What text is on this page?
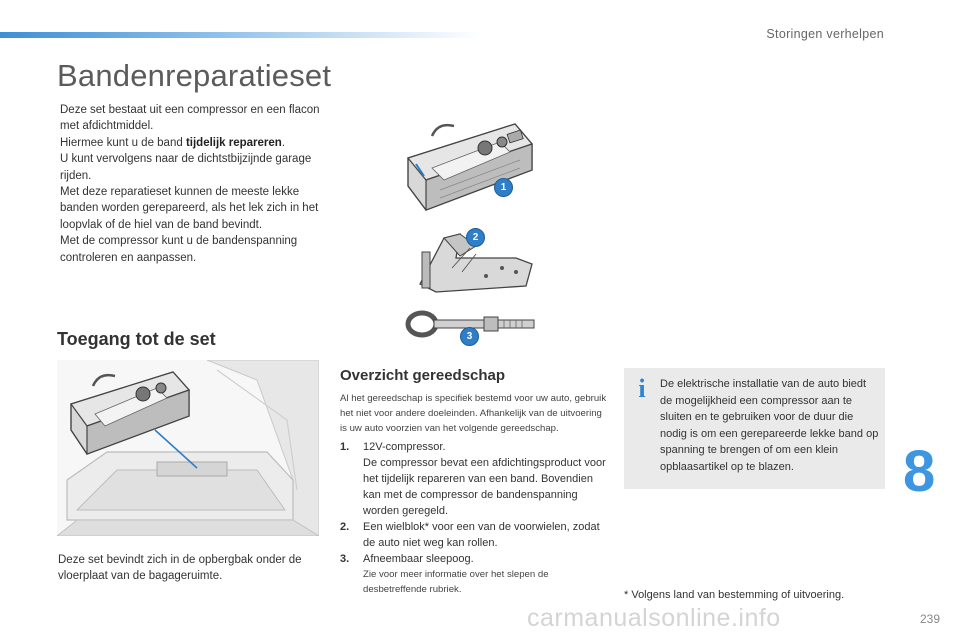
Storingen verhelpen
Bandenreparatieset

Deze set bestaat uit een compressor en een flacon met afdichtmiddel.

Hiermee kunt u de band tijdelijk repareren.

U kunt vervolgens naar de dichtstbijzijnde garage rijden.

Met deze reparatieset kunnen de meeste lekke banden worden gerepareerd, als het lek zich in het loopvlak of de hiel van de band bevindt.

Met de compressor kunt u de bandenspanning controleren en aanpassen.

1
2
3
Toegang tot de set
Deze set bevindt zich in de opbergbak onder de vloerplaat van de bagageruimte.
Overzicht gereedschap
Al het gereedschap is specifiek bestemd voor uw auto, gebruik het niet voor andere doeleinden. Afhankelijk van de uitvoering is uw auto voorzien van het volgende gereedschap.
1. 12V-compressor.
De compressor bevat een afdichtingsproduct voor het tijdelijk repareren van een band. Bovendien kan met de compressor de bandenspanning worden geregeld.
2. Een wielblok* voor een van de voorwielen, zodat de auto niet weg kan rollen.
3. Afneembaar sleepoog.
Zie voor meer informatie over het slepen de desbetreffende rubriek.
i	De elektrische installatie van de auto biedt de mogelijkheid een compressor aan te sluiten en te gebruiken voor de duur die nodig is om een gerepareerde lekke band op spanning te brengen of om een klein opblaasartikel op te blazen.
* Volgens land van bestemming of uitvoering.
8
carmanualsonline.info	239
